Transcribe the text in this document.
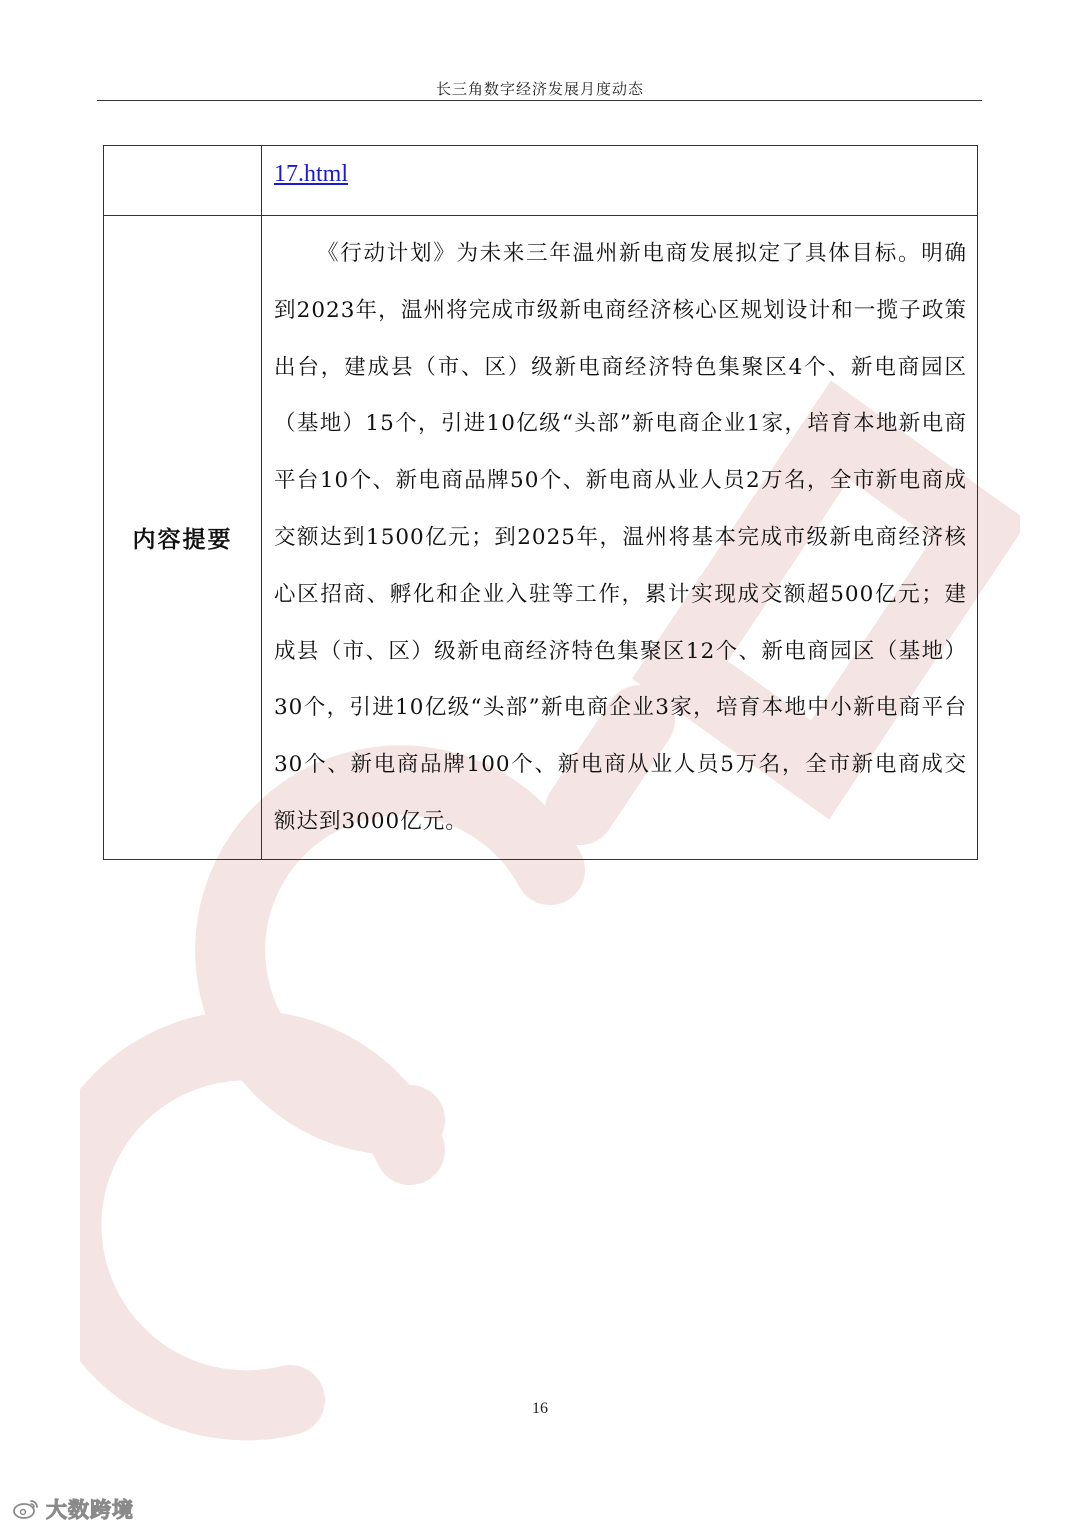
长三角数字经济发展月度动态

	17.html

内容提要	《行动计划》为未来三年温州新电商发展拟定了具体目标。明确到2023年，温州将完成市级新电商经济核心区规划设计和一揽子政策出台，建成县（市、区）级新电商经济特色集聚区4个、新电商园区（基地）15个，引进10亿级“头部”新电商企业1家，培育本地新电商平台10个、新电商品牌50个、新电商从业人员2万名，全市新电商成交额达到1500亿元；到2025年，温州将基本完成市级新电商经济核心区招商、孵化和企业入驻等工作，累计实现成交额超500亿元；建成县（市、区）级新电商经济特色集聚区12个、新电商园区（基地）30个，引进10亿级“头部”新电商企业3家，培育本地中小新电商平台30个、新电商品牌100个、新电商从业人员5万名，全市新电商成交额达到3000亿元。

16
大数跨境
